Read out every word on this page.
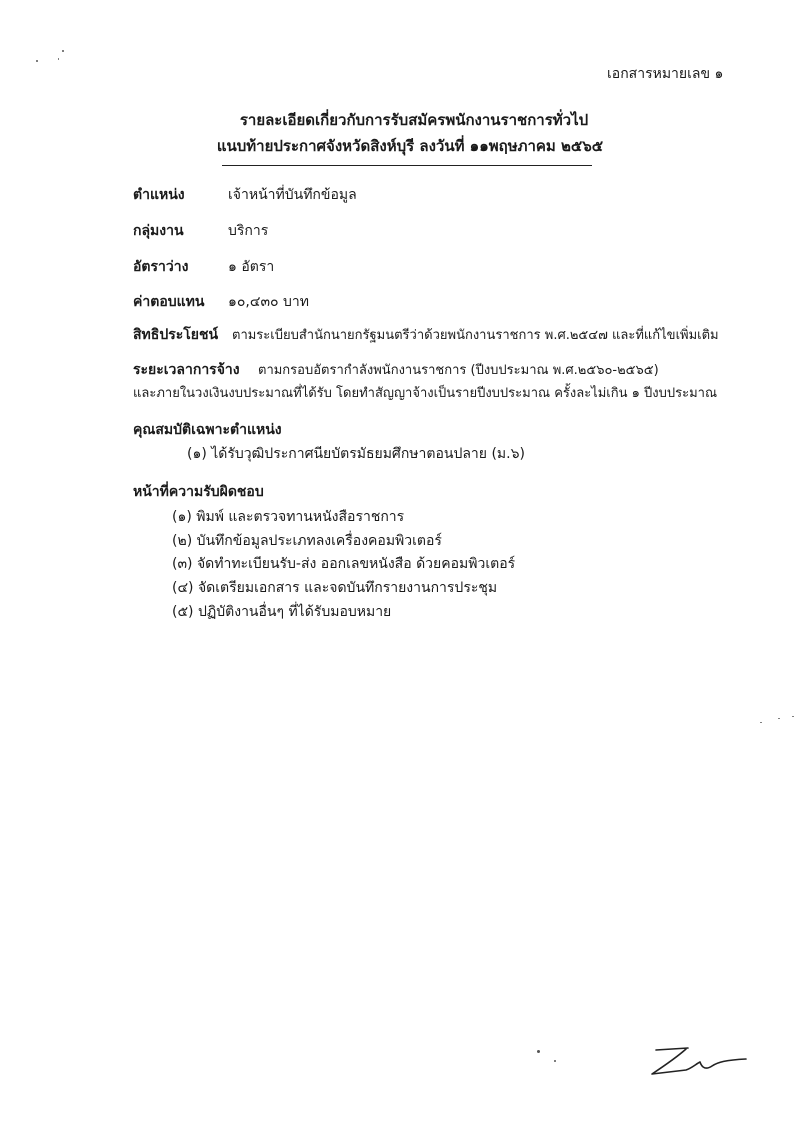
เอกสารหมายเลข ๑
รายละเอียดเกี่ยวกับการรับสมัครพนักงานราชการทั่วไป
แนบท้ายประกาศจังหวัดสิงห์บุรี ลงวันที่ ๑๑พฤษภาคม ๒๕๖๕
ตำแหน่ง	เจ้าหน้าที่บันทึกข้อมูล
กลุ่มงาน	บริการ
อัตราว่าง	๑ อัตรา
ค่าตอบแทน ๑๐,๔๓๐ บาท
สิทธิประโยชน์ ตามระเบียบสำนักนายกรัฐมนตรีว่าด้วยพนักงานราชการ พ.ศ.๒๕๔๗ และที่แก้ไขเพิ่มเติม
ระยะเวลาการจ้าง ตามกรอบอัตรากำลังพนักงานราชการ (ปีงบประมาณ พ.ศ.๒๕๖๐-๒๕๖๕)
และภายในวงเงินงบประมาณที่ได้รับ โดยทำสัญญาจ้างเป็นรายปีงบประมาณ ครั้งละไม่เกิน ๑ ปีงบประมาณ
คุณสมบัติเฉพาะตำแหน่ง
(๑) ได้รับวุฒิประกาศนียบัตรมัธยมศึกษาตอนปลาย (ม.๖)
หน้าที่ความรับผิดชอบ
(๑) พิมพ์ และตรวจทานหนังสือราชการ
(๒) บันทึกข้อมูลประเภทลงเครื่องคอมพิวเตอร์
(๓) จัดทำทะเบียนรับ-ส่ง ออกเลขหนังสือ ด้วยคอมพิวเตอร์
(๔) จัดเตรียมเอกสาร และจดบันทึกรายงานการประชุม
(๕) ปฏิบัติงานอื่นๆ ที่ได้รับมอบหมาย
